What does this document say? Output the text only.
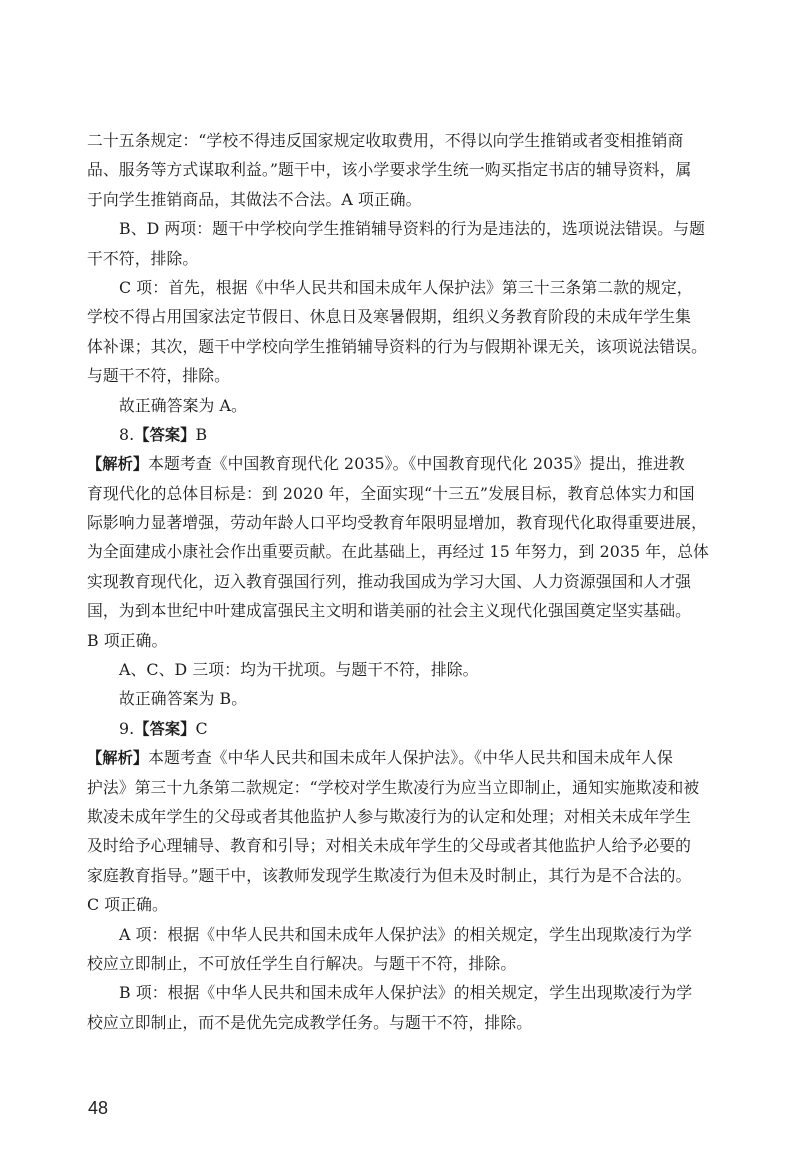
二十五条规定：“学校不得违反国家规定收取费用，不得以向学生推销或者变相推销商
品、服务等方式谋取利益。”题干中，该小学要求学生统一购买指定书店的辅导资料，属
于向学生推销商品，其做法不合法。A 项正确。
B、D 两项：题干中学校向学生推销辅导资料的行为是违法的，选项说法错误。与题
干不符，排除。
C 项：首先，根据《中华人民共和国未成年人保护法》第三十三条第二款的规定，
学校不得占用国家法定节假日、休息日及寒暑假期，组织义务教育阶段的未成年学生集
体补课；其次，题干中学校向学生推销辅导资料的行为与假期补课无关，该项说法错误。
与题干不符，排除。
故正确答案为 A。
8.【答案】B
【解析】本题考查《中国教育现代化 2035》。《中国教育现代化 2035》提出，推进教
育现代化的总体目标是：到 2020 年，全面实现“十三五”发展目标，教育总体实力和国
际影响力显著增强，劳动年龄人口平均受教育年限明显增加，教育现代化取得重要进展，
为全面建成小康社会作出重要贡献。在此基础上，再经过 15 年努力，到 2035 年，总体
实现教育现代化，迈入教育强国行列，推动我国成为学习大国、人力资源强国和人才强
国，为到本世纪中叶建成富强民主文明和谐美丽的社会主义现代化强国奠定坚实基础。
B 项正确。
A、C、D 三项：均为干扰项。与题干不符，排除。
故正确答案为 B。
9.【答案】C
【解析】本题考查《中华人民共和国未成年人保护法》。《中华人民共和国未成年人保
护法》第三十九条第二款规定：“学校对学生欺凌行为应当立即制止，通知实施欺凌和被
欺凌未成年学生的父母或者其他监护人参与欺凌行为的认定和处理；对相关未成年学生
及时给予心理辅导、教育和引导；对相关未成年学生的父母或者其他监护人给予必要的
家庭教育指导。”题干中，该教师发现学生欺凌行为但未及时制止，其行为是不合法的。
C 项正确。
A 项：根据《中华人民共和国未成年人保护法》的相关规定，学生出现欺凌行为学
校应立即制止，不可放任学生自行解决。与题干不符，排除。
B 项：根据《中华人民共和国未成年人保护法》的相关规定，学生出现欺凌行为学
校应立即制止，而不是优先完成教学任务。与题干不符，排除。
48
